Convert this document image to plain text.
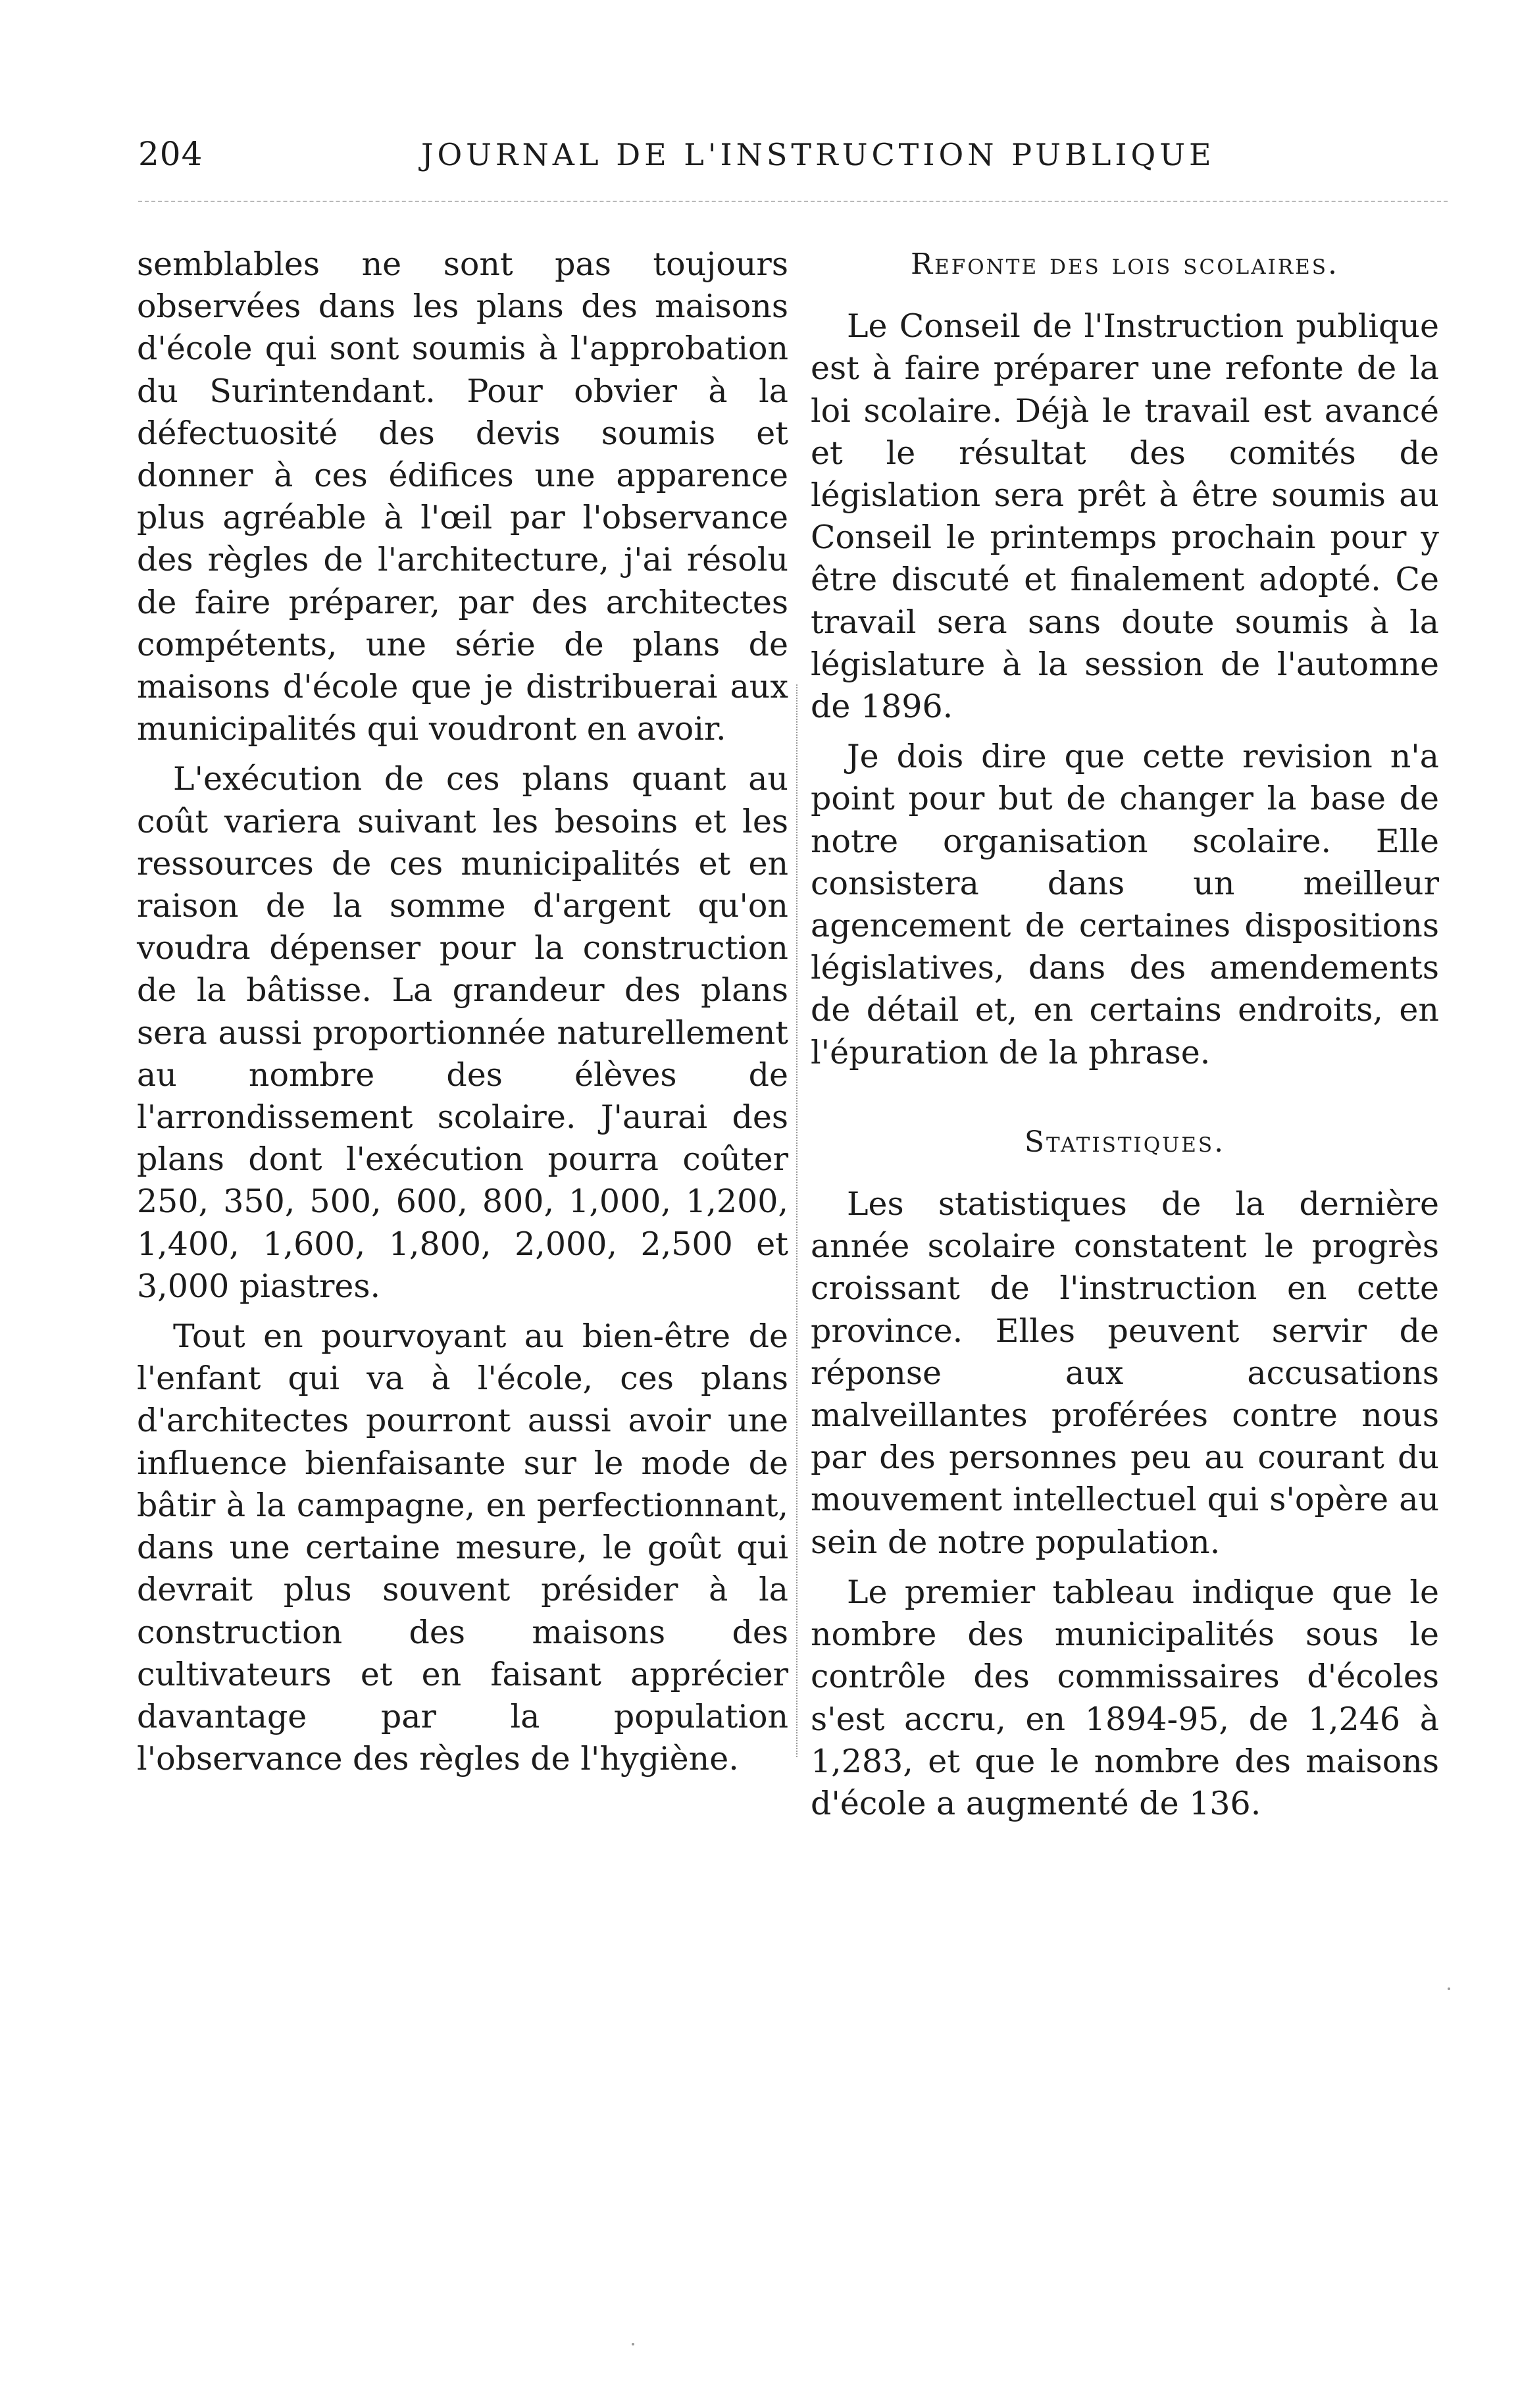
204	JOURNAL DE L'INSTRUCTION PUBLIQUE

semblables ne sont pas toujours observées dans les plans des maisons d'école qui sont soumis à l'approbation du Surintendant. Pour obvier à la défectuosité des devis soumis et donner à ces édifices une apparence plus agréable à l'œil par l'observance des règles de l'architecture, j'ai résolu de faire préparer, par des architectes compétents, une série de plans de maisons d'école que je distribuerai aux municipalités qui voudront en avoir.

L'exécution de ces plans quant au coût variera suivant les besoins et les ressources de ces municipalités et en raison de la somme d'argent qu'on voudra dépenser pour la construction de la bâtisse. La grandeur des plans sera aussi proportionnée naturellement au nombre des élèves de l'arrondissement scolaire. J'aurai des plans dont l'exécution pourra coûter 250, 350, 500, 600, 800, 1,000, 1,200, 1,400, 1,600, 1,800, 2,000, 2,500 et 3,000 piastres.

Tout en pourvoyant au bien-être de l'enfant qui va à l'école, ces plans d'architectes pourront aussi avoir une influence bienfaisante sur le mode de bâtir à la campagne, en perfectionnant, dans une certaine mesure, le goût qui devrait plus souvent présider à la construction des maisons des cultivateurs et en faisant apprécier davantage par la population l'observance des règles de l'hygiène.

Refonte des lois scolaires.

Le Conseil de l'Instruction publique est à faire préparer une refonte de la loi scolaire. Déjà le travail est avancé et le résultat des comités de législation sera prêt à être soumis au Conseil le printemps prochain pour y être discuté et finalement adopté. Ce travail sera sans doute soumis à la législature à la session de l'automne de 1896.

Je dois dire que cette revision n'a point pour but de changer la base de notre organisation scolaire. Elle consistera dans un meilleur agencement de certaines dispositions législatives, dans des amendements de détail et, en certains endroits, en l'épuration de la phrase.

Statistiques.

Les statistiques de la dernière année scolaire constatent le progrès croissant de l'instruction en cette province. Elles peuvent servir de réponse aux accusations malveillantes proférées contre nous par des personnes peu au courant du mouvement intellectuel qui s'opère au sein de notre population.

Le premier tableau indique que le nombre des municipalités sous le contrôle des commissaires d'écoles s'est accru, en 1894-95, de 1,246 à 1,283, et que le nombre des maisons d'école a augmenté de 136.
